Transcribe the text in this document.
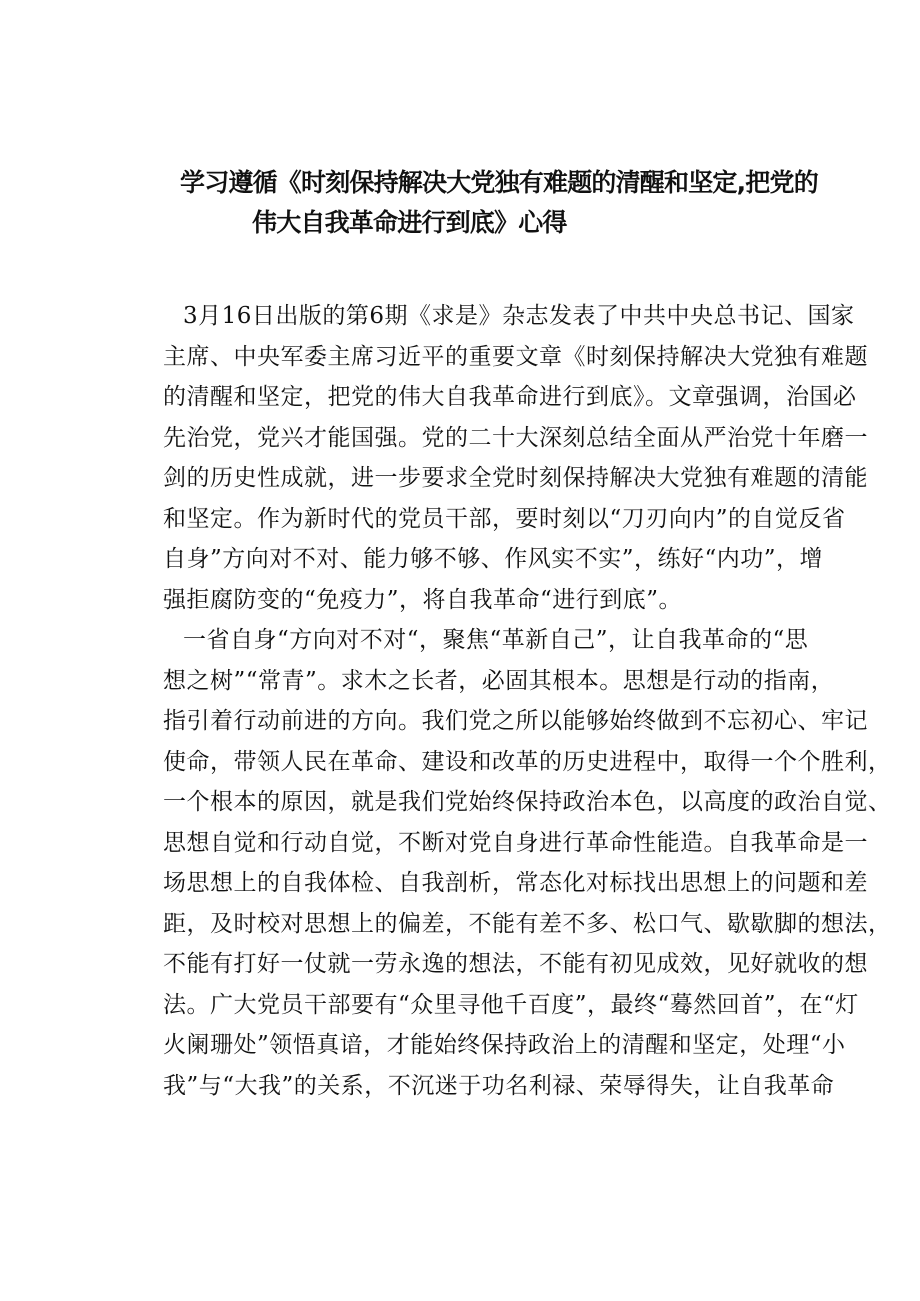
学习遵循《时刻保持解决大党独有难题的清醒和坚定,把党的
伟大自我革命进行到底》心得

3月16日出版的第6期《求是》杂志发表了中共中央总书记、国家
主席、中央军委主席习近平的重要文章《时刻保持解决大党独有难题
的清醒和坚定，把党的伟大自我革命进行到底》。文章强调，治国必
先治党，党兴才能国强。党的二十大深刻总结全面从严治党十年磨一
剑的历史性成就，进一步要求全党时刻保持解决大党独有难题的清能
和坚定。作为新时代的党员干部，要时刻以“刀刃向内”的自觉反省
自身”方向对不对、能力够不够、作风实不实”，练好“内功”，增
强拒腐防变的“免疫力”，将自我革命“进行到底”。

一省自身“方向对不对“，聚焦“革新自己”，让自我革命的“思
想之树”“常青”。求木之长者，必固其根本。思想是行动的指南，
指引着行动前进的方向。我们党之所以能够始终做到不忘初心、牢记
使命，带领人民在革命、建设和改革的历史进程中，取得一个个胜利，
一个根本的原因，就是我们党始终保持政治本色，以高度的政治自觉、
思想自觉和行动自觉，不断对党自身进行革命性能造。自我革命是一
场思想上的自我体检、自我剖析，常态化对标找出思想上的问题和差
距，及时校对思想上的偏差，不能有差不多、松口气、歇歇脚的想法，
不能有打好一仗就一劳永逸的想法，不能有初见成效，见好就收的想
法。广大党员干部要有“众里寻他千百度”，最终“蓦然回首”，在“灯
火阑珊处”领悟真谙，才能始终保持政治上的清醒和坚定，处理“小
我”与“大我”的关系，不沉迷于功名利禄、荣辱得失，让自我革命
